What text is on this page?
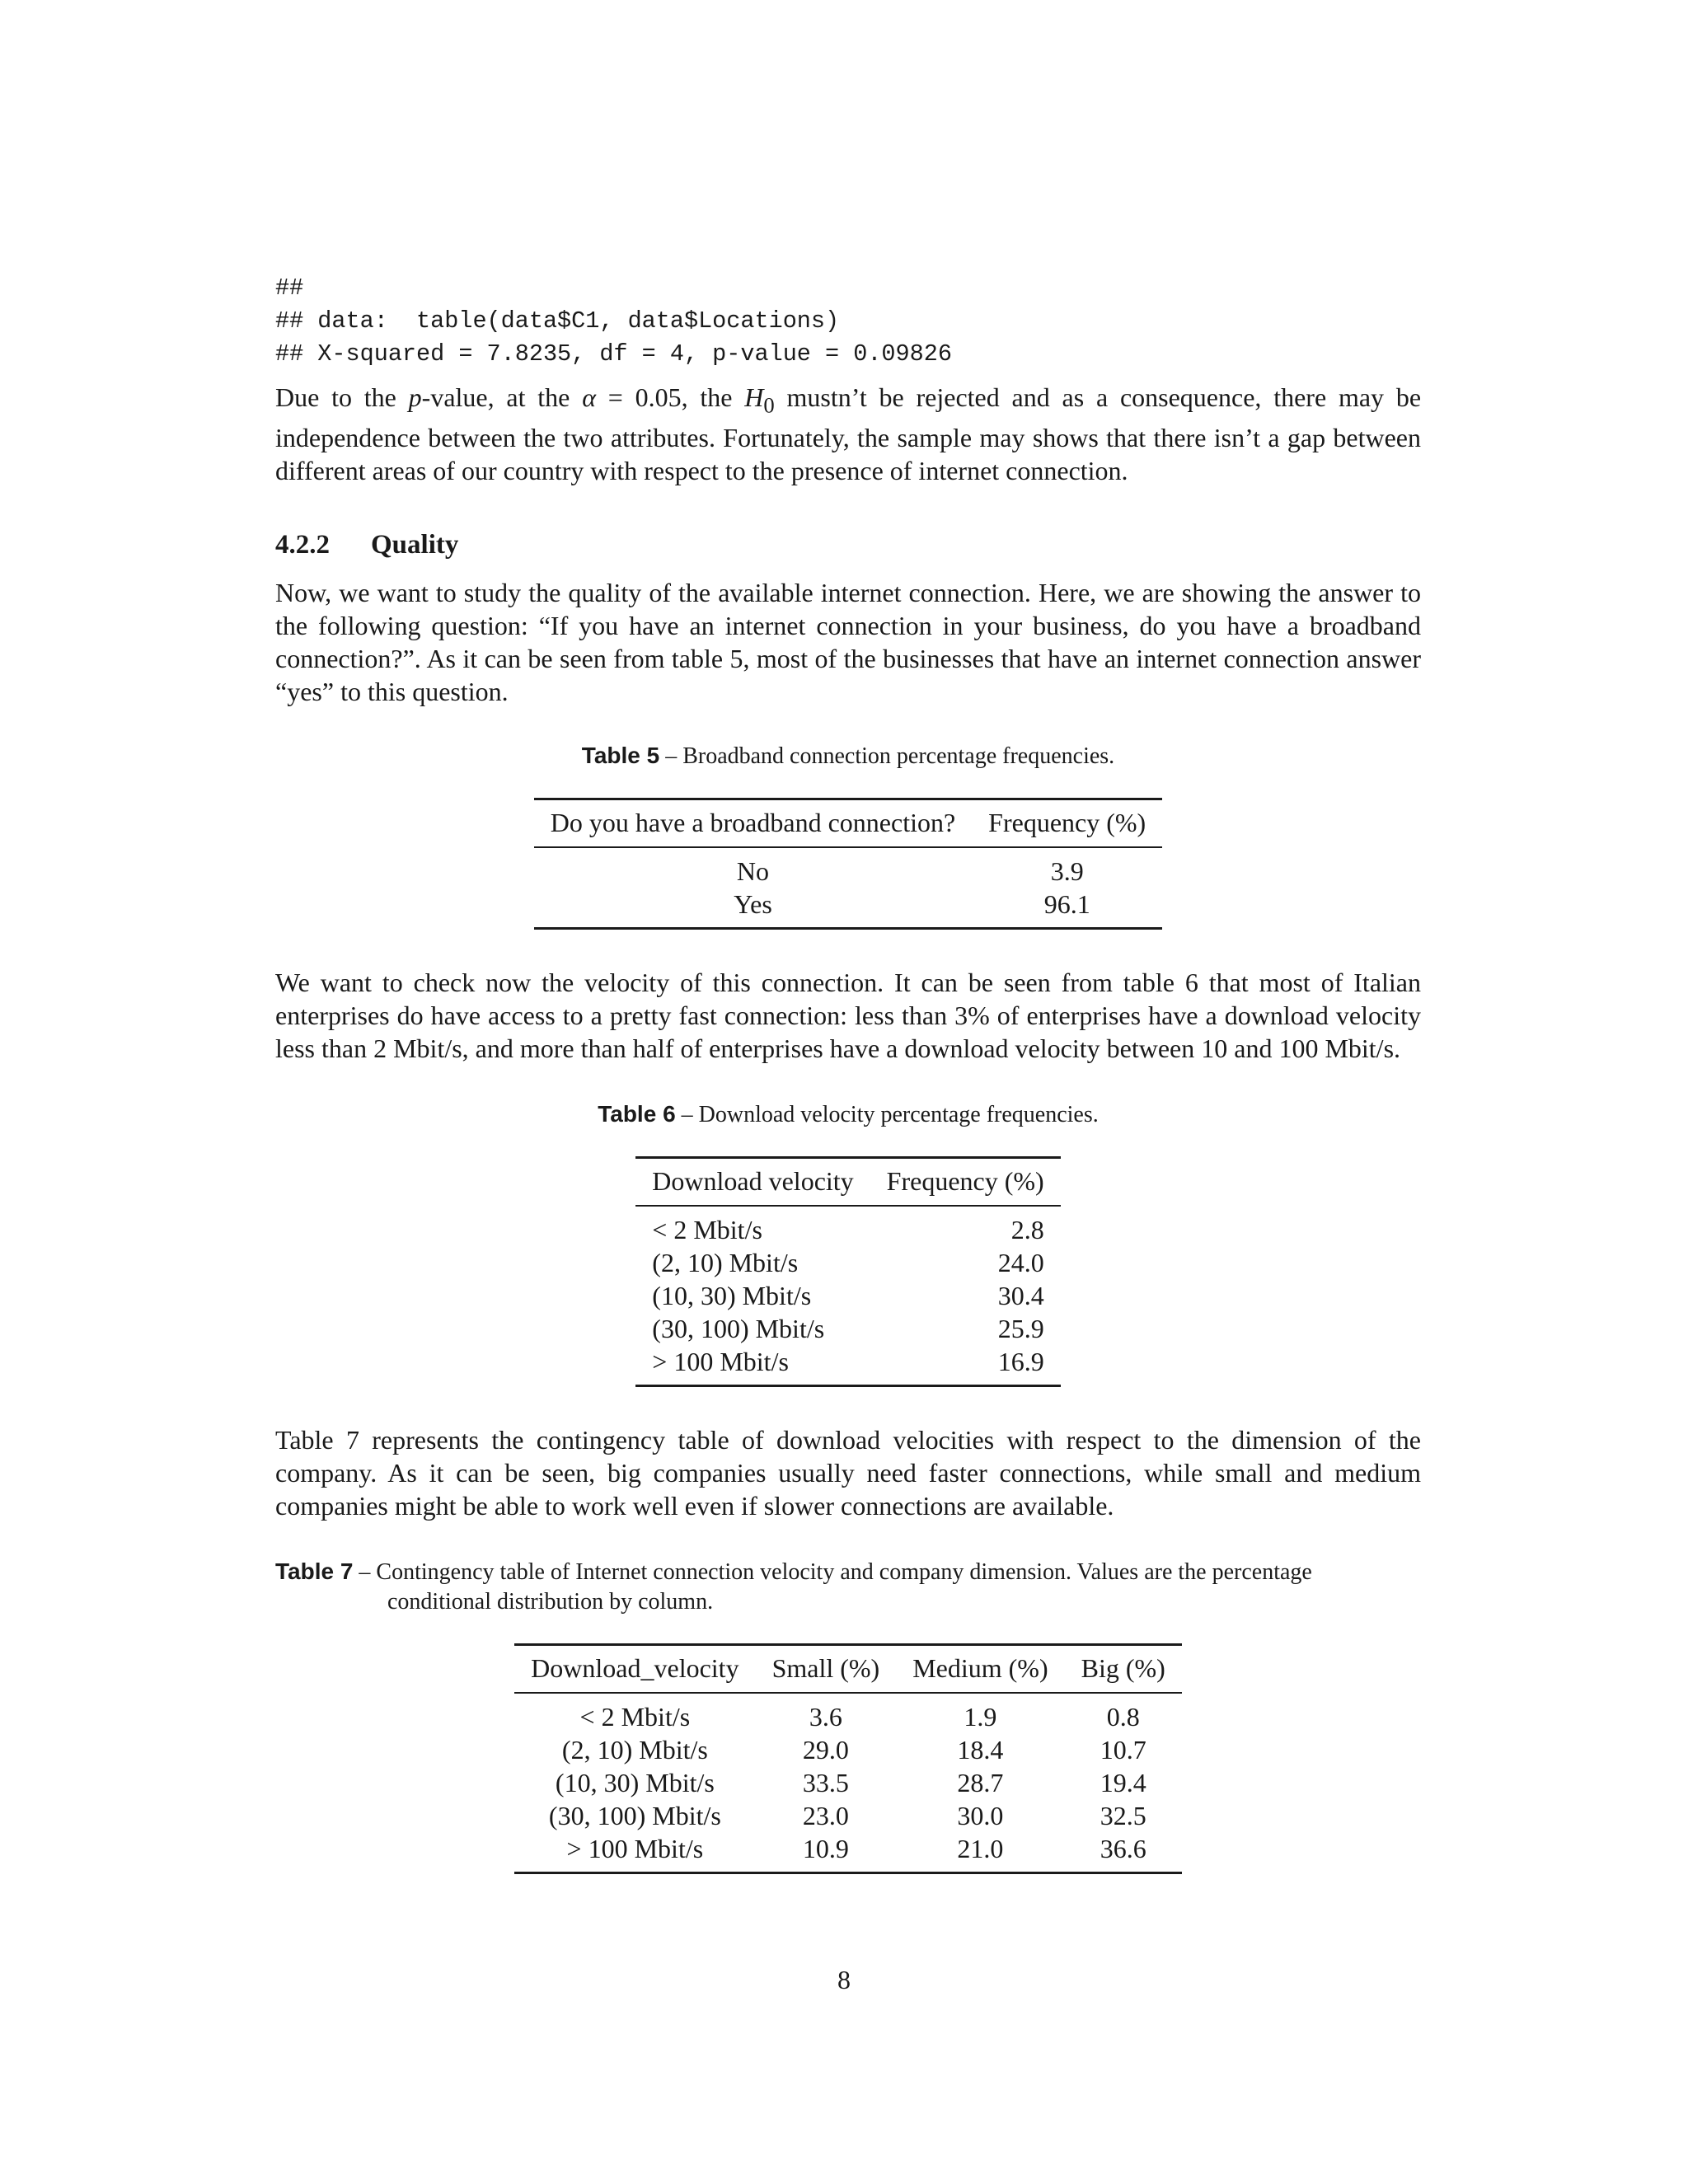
##
## data:  table(data$C1, data$Locations)
## X-squared = 7.8235, df = 4, p-value = 0.09826

Due to the p-value, at the α = 0.05, the $H_0$ mustn’t be rejected and as a consequence, there may be independence between the two attributes. Fortunately, the sample may shows that there isn’t a gap between different areas of our country with respect to the presence of internet connection.

4.2.2 Quality

Now, we want to study the quality of the available internet connection. Here, we are showing the answer to the following question: “If you have an internet connection in your business, do you have a broadband connection?”. As it can be seen from table 5, most of the businesses that have an internet connection answer “yes” to this question.

Table 5 – Broadband connection percentage frequencies.

Do you have a broadband connection?	Frequency (%)
No	3.9
Yes	96.1

We want to check now the velocity of this connection. It can be seen from table 6 that most of Italian enterprises do have access to a pretty fast connection: less than 3% of enterprises have a download velocity less than 2 Mbit/s, and more than half of enterprises have a download velocity between 10 and 100 Mbit/s.

Table 6 – Download velocity percentage frequencies.

Download velocity	Frequency (%)
< 2 Mbit/s	2.8
(2, 10) Mbit/s	24.0
(10, 30) Mbit/s	30.4
(30, 100) Mbit/s	25.9
> 100 Mbit/s	16.9

Table 7 represents the contingency table of download velocities with respect to the dimension of the company. As it can be seen, big companies usually need faster connections, while small and medium companies might be able to work well even if slower connections are available.

Table 7 – Contingency table of Internet connection velocity and company dimension. Values are the percentage conditional distribution by column.

Download_velocity	Small (%)	Medium (%)	Big (%)
< 2 Mbit/s	3.6	1.9	0.8
(2, 10) Mbit/s	29.0	18.4	10.7
(10, 30) Mbit/s	33.5	28.7	19.4
(30, 100) Mbit/s	23.0	30.0	32.5
> 100 Mbit/s	10.9	21.0	36.6
8
